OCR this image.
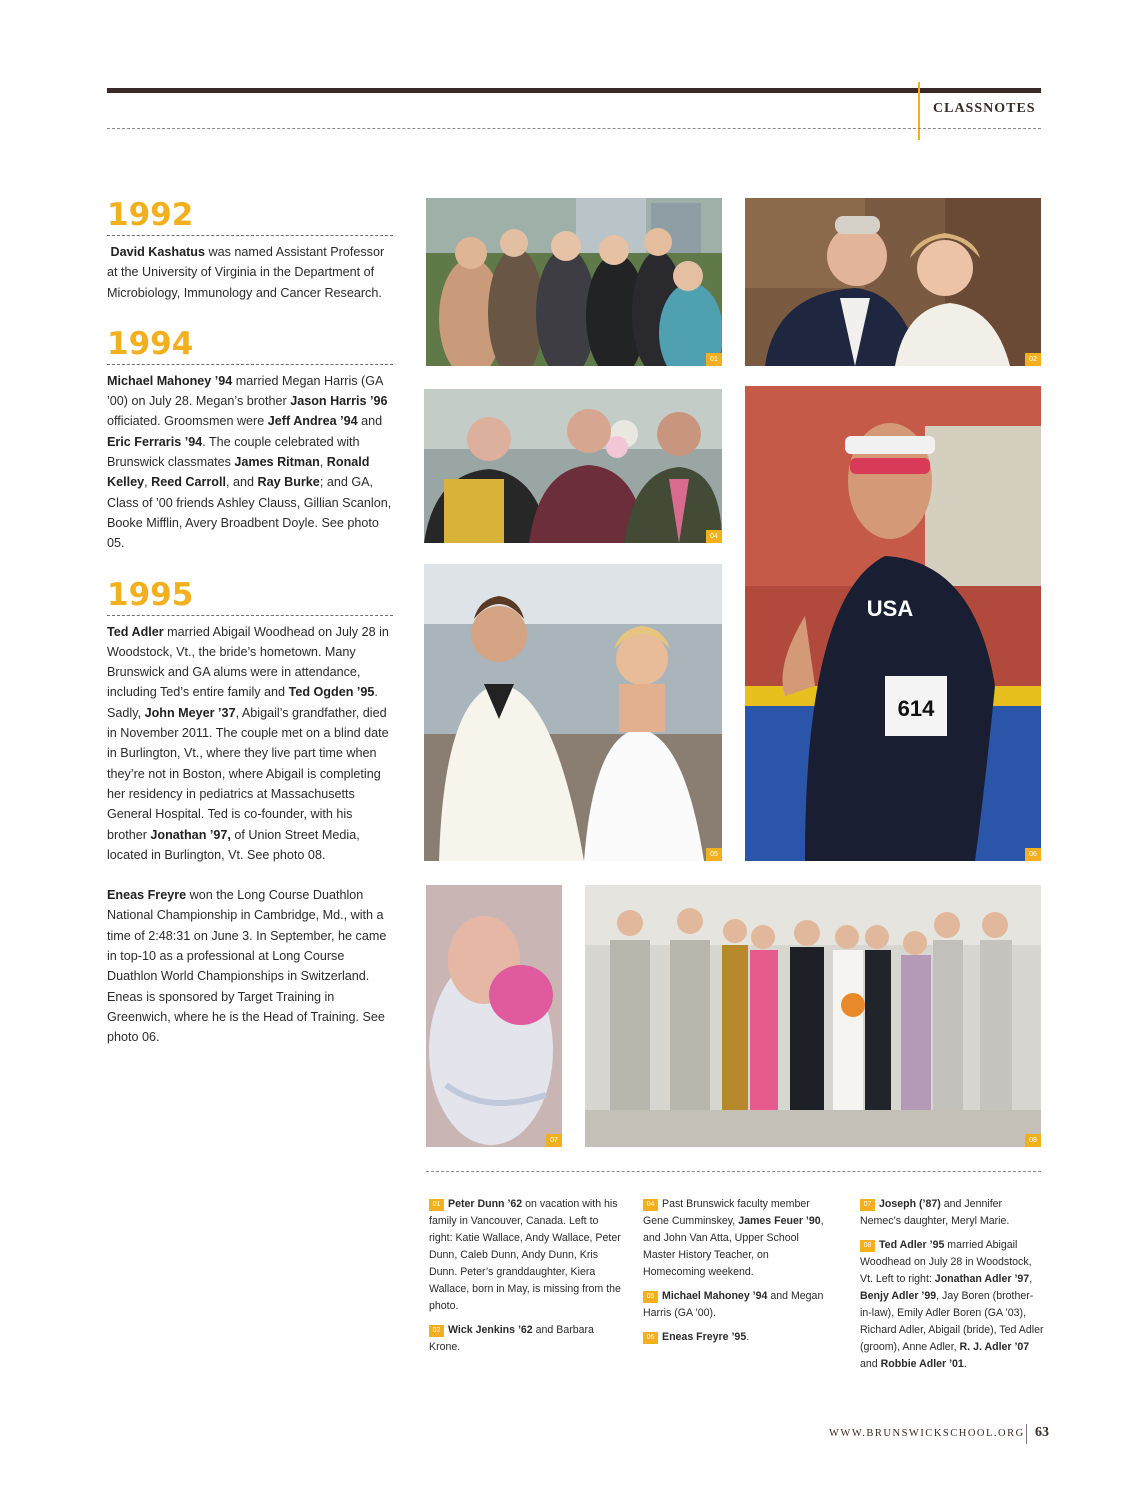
CLASSNOTES
1992

David Kashatus was named Assistant Professor at the University of Virginia in the Department of Microbiology, Immunology and Cancer Research.

1994

Michael Mahoney ’94 married Megan Harris (GA ’00) on July 28. Megan’s brother Jason Harris ’96 officiated. Groomsmen were Jeff Andrea ’94 and Eric Ferraris ’94. The couple celebrated with Brunswick classmates James Ritman, Ronald Kelley, Reed Carroll, and Ray Burke; and GA, Class of ’00 friends Ashley Clauss, Gillian Scanlon, Booke Mifflin, Avery Broadbent Doyle. See photo 05.

1995

Ted Adler married Abigail Woodhead on July 28 in Woodstock, Vt., the bride’s hometown. Many Brunswick and GA alums were in attendance, including Ted’s entire family and Ted Ogden ’95. Sadly, John Meyer ’37, Abigail’s grandfather, died in November 2011. The couple met on a blind date in Burlington, Vt., where they live part time when they’re not in Boston, where Abigail is completing her residency in pediatrics at Massachusetts General Hospital. Ted is co-founder, with his brother Jonathan ’97, of Union Street Media, located in Burlington, Vt. See photo 08.

Eneas Freyre won the Long Course Duathlon National Championship in Cambridge, Md., with a time of 2:48:31 on June 3. In September, he came in top-10 as a professional at Long Course Duathlon World Championships in Switzerland. Eneas is sponsored by Target Training in Greenwich, where he is the Head of Training. See photo 06.

01	02
04
614
USA
06
05
07	08

01 Peter Dunn ’62 on vacation with his family in Vancouver, Canada. Left to right: Katie Wallace, Andy Wallace, Peter Dunn, Caleb Dunn, Andy Dunn, Kris Dunn. Peter’s granddaughter, Kiera Wallace, born in May, is missing from the photo.

02 Wick Jenkins ’62 and Barbara Krone.

04 Past Brunswick faculty member Gene Cumminskey, James Feuer ’90, and John Van Atta, Upper School Master History Teacher, on Homecoming weekend.

05 Michael Mahoney ’94 and Megan Harris (GA ’00).

06 Eneas Freyre ’95.

07 Joseph (’87) and Jennifer Nemec’s daughter, Meryl Marie.

08 Ted Adler ’95 married Abigail Woodhead on July 28 in Woodstock, Vt. Left to right: Jonathan Adler ’97, Benjy Adler ’99, Jay Boren (brother-in-law), Emily Adler Boren (GA ’03), Richard Adler, Abigail (bride), Ted Adler (groom), Anne Adler, R. J. Adler ’07 and Robbie Adler ’01.

WWW.BRUNSWICKSCHOOL.ORG 63
